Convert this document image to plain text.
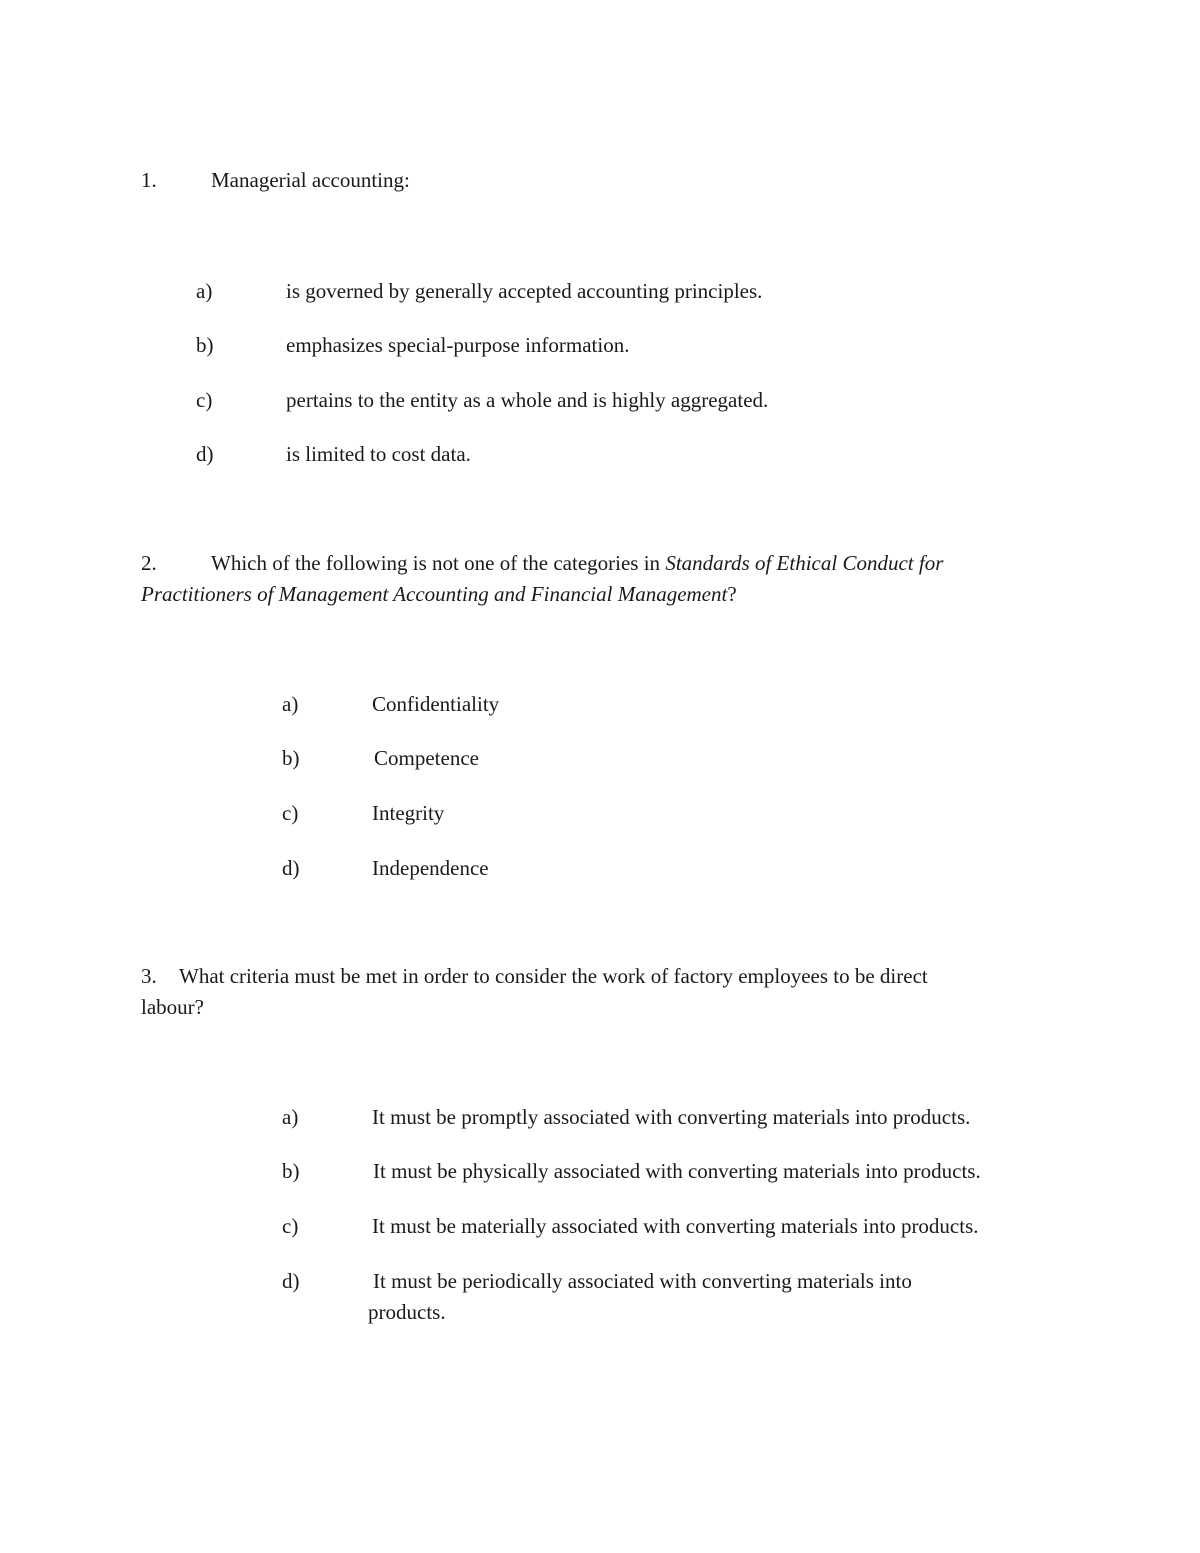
1.	Managerial accounting:
a)	is governed by generally accepted accounting principles.
b)	emphasizes special-purpose information.
c)	pertains to the entity as a whole and is highly aggregated.
d)	is limited to cost data.
2.	Which of the following is not one of the categories in Standards of Ethical Conduct for
Practitioners of Management Accounting and Financial Management?
a)	Confidentiality
b)	Competence
c)	Integrity
d)	Independence
3. What criteria must be met in order to consider the work of factory employees to be direct
labour?
a)	It must be promptly associated with converting materials into products.
b)	It must be physically associated with converting materials into products.
c)	It must be materially associated with converting materials into products.
d)	It must be periodically associated with converting materials into
products.
